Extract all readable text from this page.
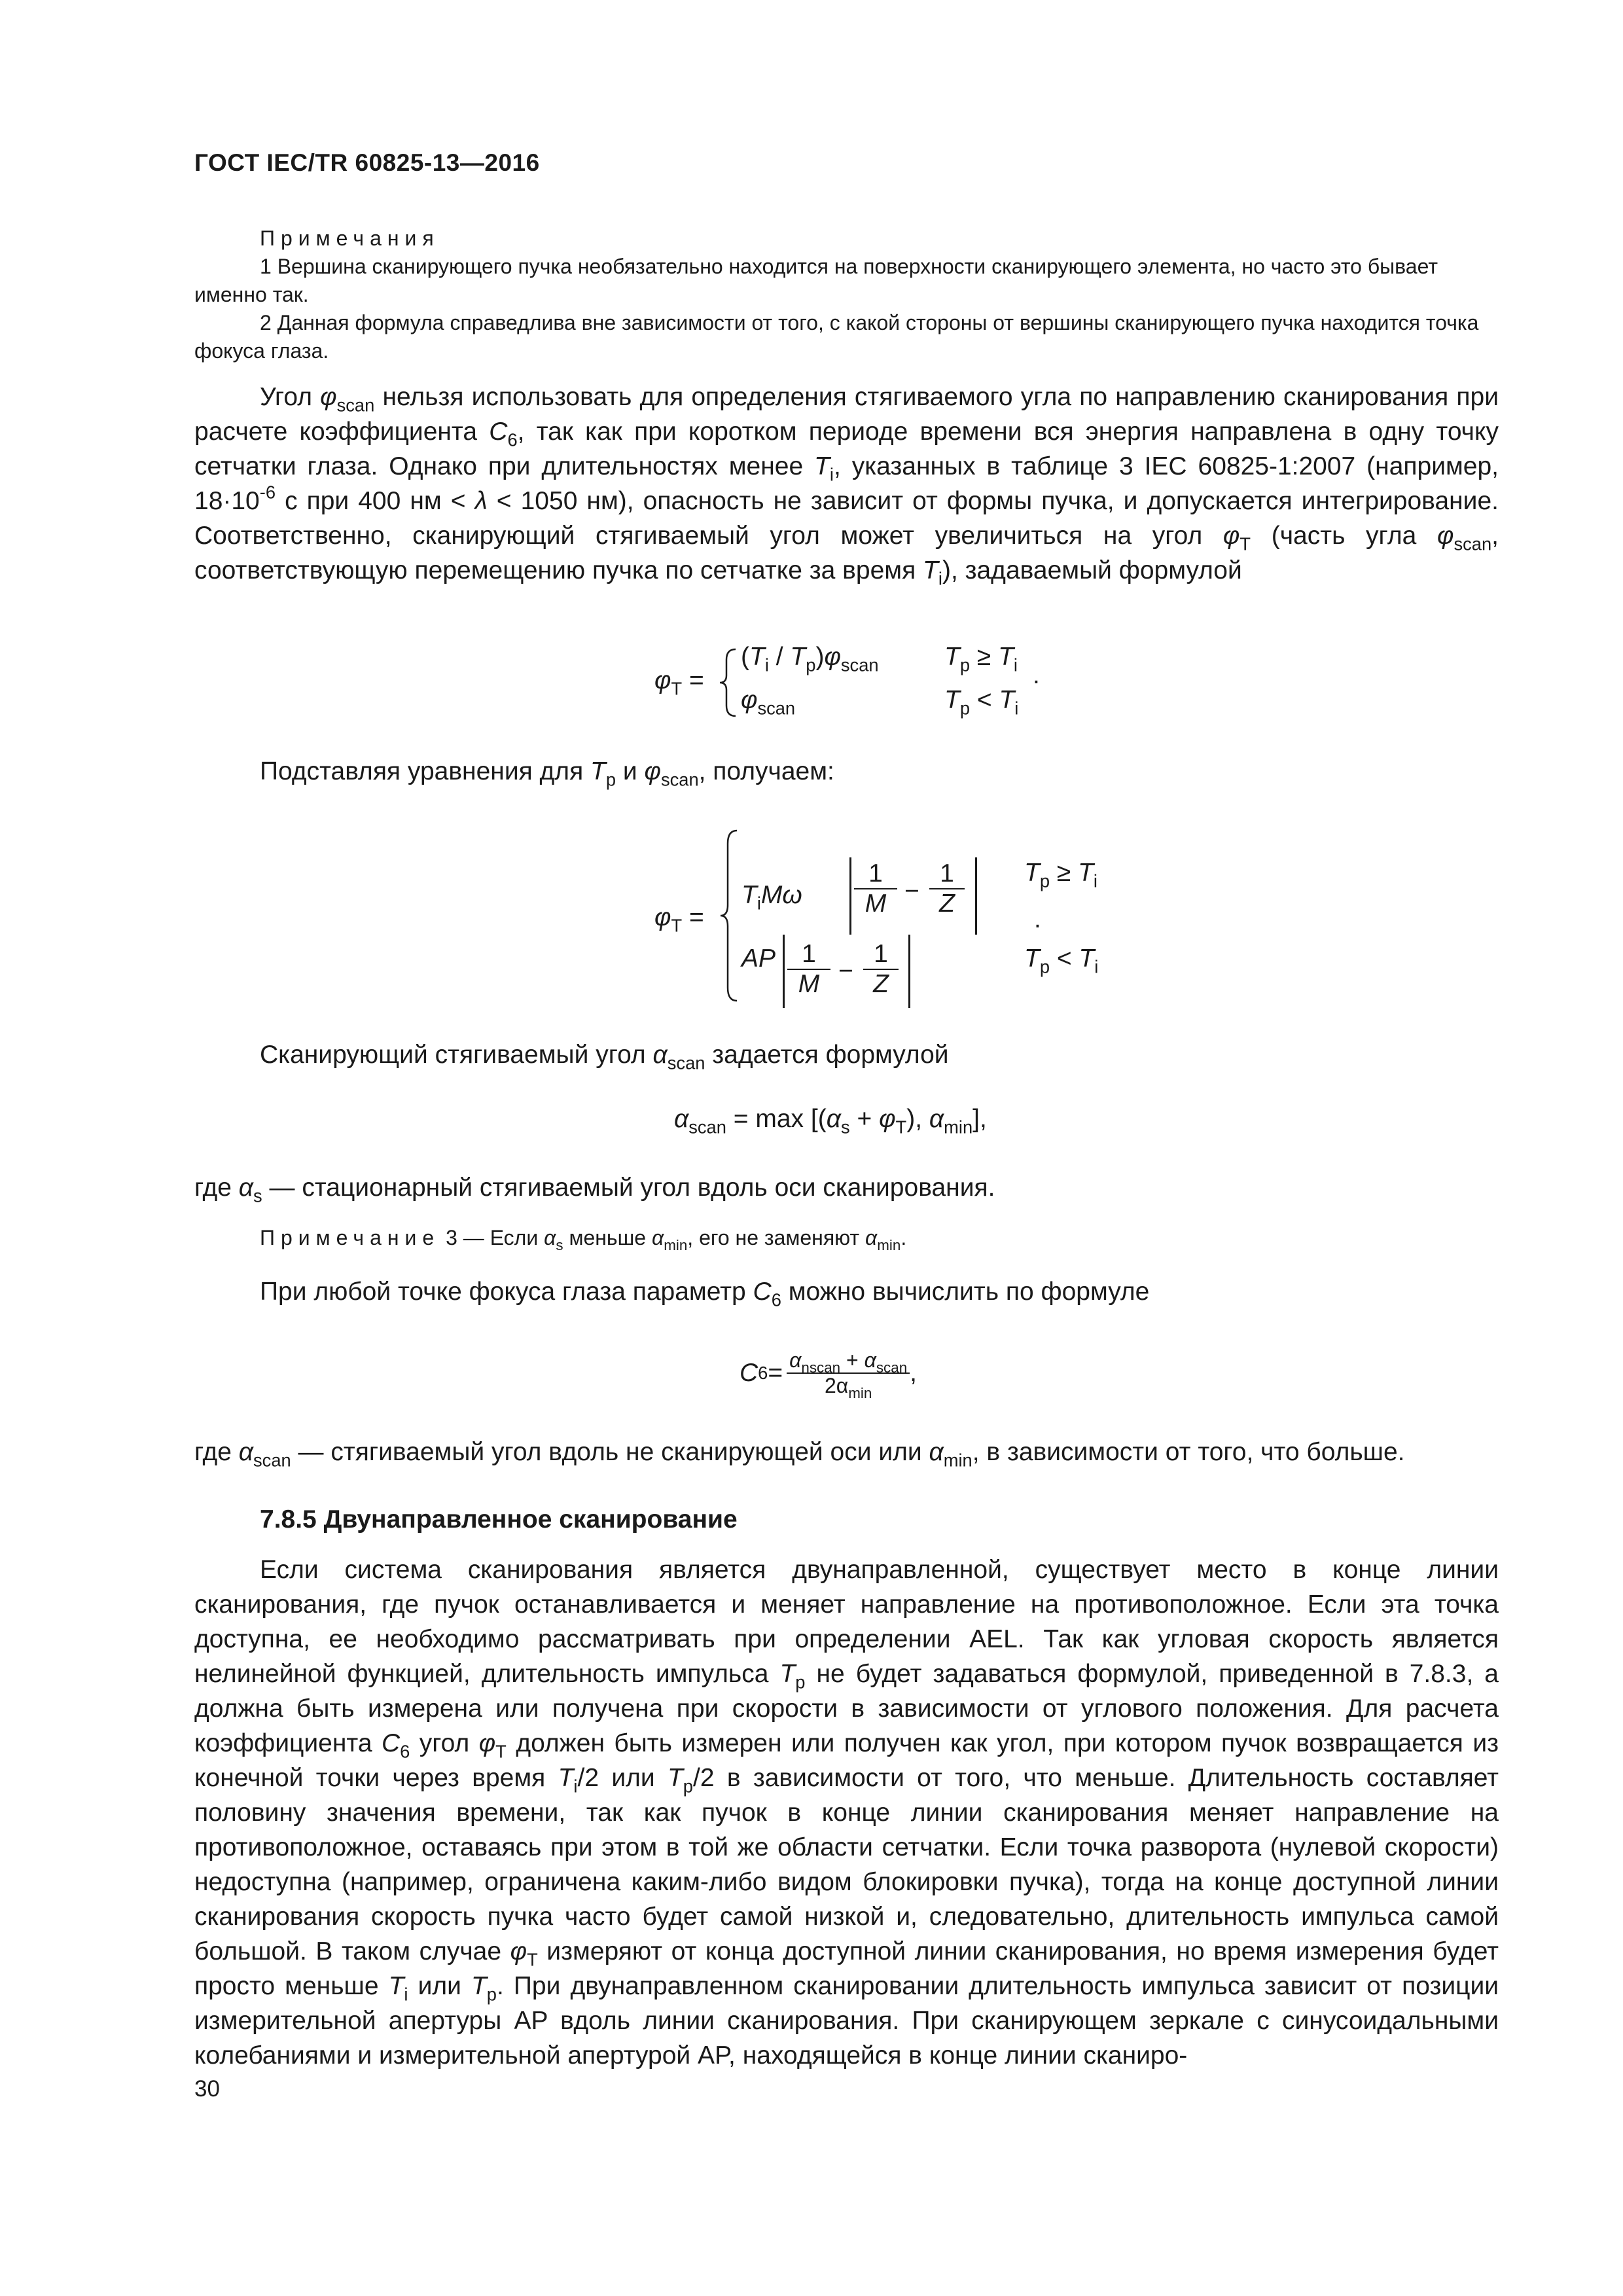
ГОСТ IEC/TR 60825-13—2016
Примечания
1 Вершина сканирующего пучка необязательно находится на поверхности сканирующего элемента, но часто это бывает именно так.
2 Данная формула справедлива вне зависимости от того, с какой стороны от вершины сканирующего пучка находится точка фокуса глаза.
Угол $\varphi_{scan}$ нельзя использовать для определения стягиваемого угла по направлению сканирования при расчете коэффициента $C_6$, так как при коротком периоде времени вся энергия направлена в одну точку сетчатки глаза. Однако при длительностях менее $T_i$, указанных в таблице 3 IEC 60825-1:2007 (например, $18\cdot 10^{-6}$ с при 400 нм < λ < 1050 нм), опасность не зависит от формы пучка, и допускается интегрирование. Соответственно, сканирующий стягиваемый угол может увеличиться на угол $\varphi_T$ (часть угла $\varphi_{scan}$, соответствующую перемещению пучка по сетчатке за время $T_i$), задаваемый формулой
$\varphi_T$ =
$(T_i / T_p)\varphi_{scan}$
$\varphi_{scan}$
$T_p \ge T_i$
$T_p < T_i$
.
Подставляя уравнения для $T_p$ и $\varphi_{scan}$, получаем:
$\varphi_T$ =
$T_iM\omega$
1
M −
1
Z
$T_p \ge T_i$
AP	1
M −
1
Z
$T_p < T_i$
.
Сканирующий стягиваемый угол $\alpha_{scan}$ задается формулой
$\alpha_{scan} = \max [(\alpha_s + \varphi_T)$, $\alpha_{min}$],
где $\alpha_s$ — стационарный стягиваемый угол вдоль оси сканирования.
Примечание 3 — Если $\alpha_s$ меньше $\alpha_{min}$, его не заменяют $\alpha_{min}$.
При любой точке фокуса глаза параметр $C_6$ можно вычислить по формуле
C $6 = \frac{\alpha_{nscan} + \alpha_{scan}}{2\alpha_{min}}$ ,
где $\alpha_{scan}$ — стягиваемый угол вдоль не сканирующей оси или $\alpha_{min}$, в зависимости от того, что больше.
7.8.5 Двунаправленное сканирование
Если система сканирования является двунаправленной, существует место в конце линии сканирования, где пучок останавливается и меняет направление на противоположное. Если эта точка доступна, ее необходимо рассматривать при определении AEL. Так как угловая скорость является нелинейной функцией, длительность импульса $T_p$ не будет задаваться формулой, приведенной в 7.8.3, а должна быть измерена или получена при скорости в зависимости от углового положения. Для расчета коэффициента $C_6$ угол $\varphi_T$ должен быть измерен или получен как угол, при котором пучок возвращается из конечной точки через время $T_i/2$ или $T_p/2$ в зависимости от того, что меньше. Длительность составляет половину значения времени, так как пучок в конце линии сканирования меняет направление на противоположное, оставаясь при этом в той же области сетчатки. Если точка разворота (нулевой скорости) недоступна (например, ограничена каким-либо видом блокировки пучка), тогда на конце доступной линии сканирования скорость пучка часто будет самой низкой и, следовательно, длительность импульса самой большой. В таком случае $\varphi_T$ измеряют от конца доступной линии сканирования, но время измерения будет просто меньше $T_i$ или $T_p$. При двунаправленном сканировании длительность импульса зависит от позиции измерительной апертуры AP вдоль линии сканирования. При сканирующем зеркале с синусоидальными колебаниями и измерительной апертурой AP, находящейся в конце линии сканиро-
30
